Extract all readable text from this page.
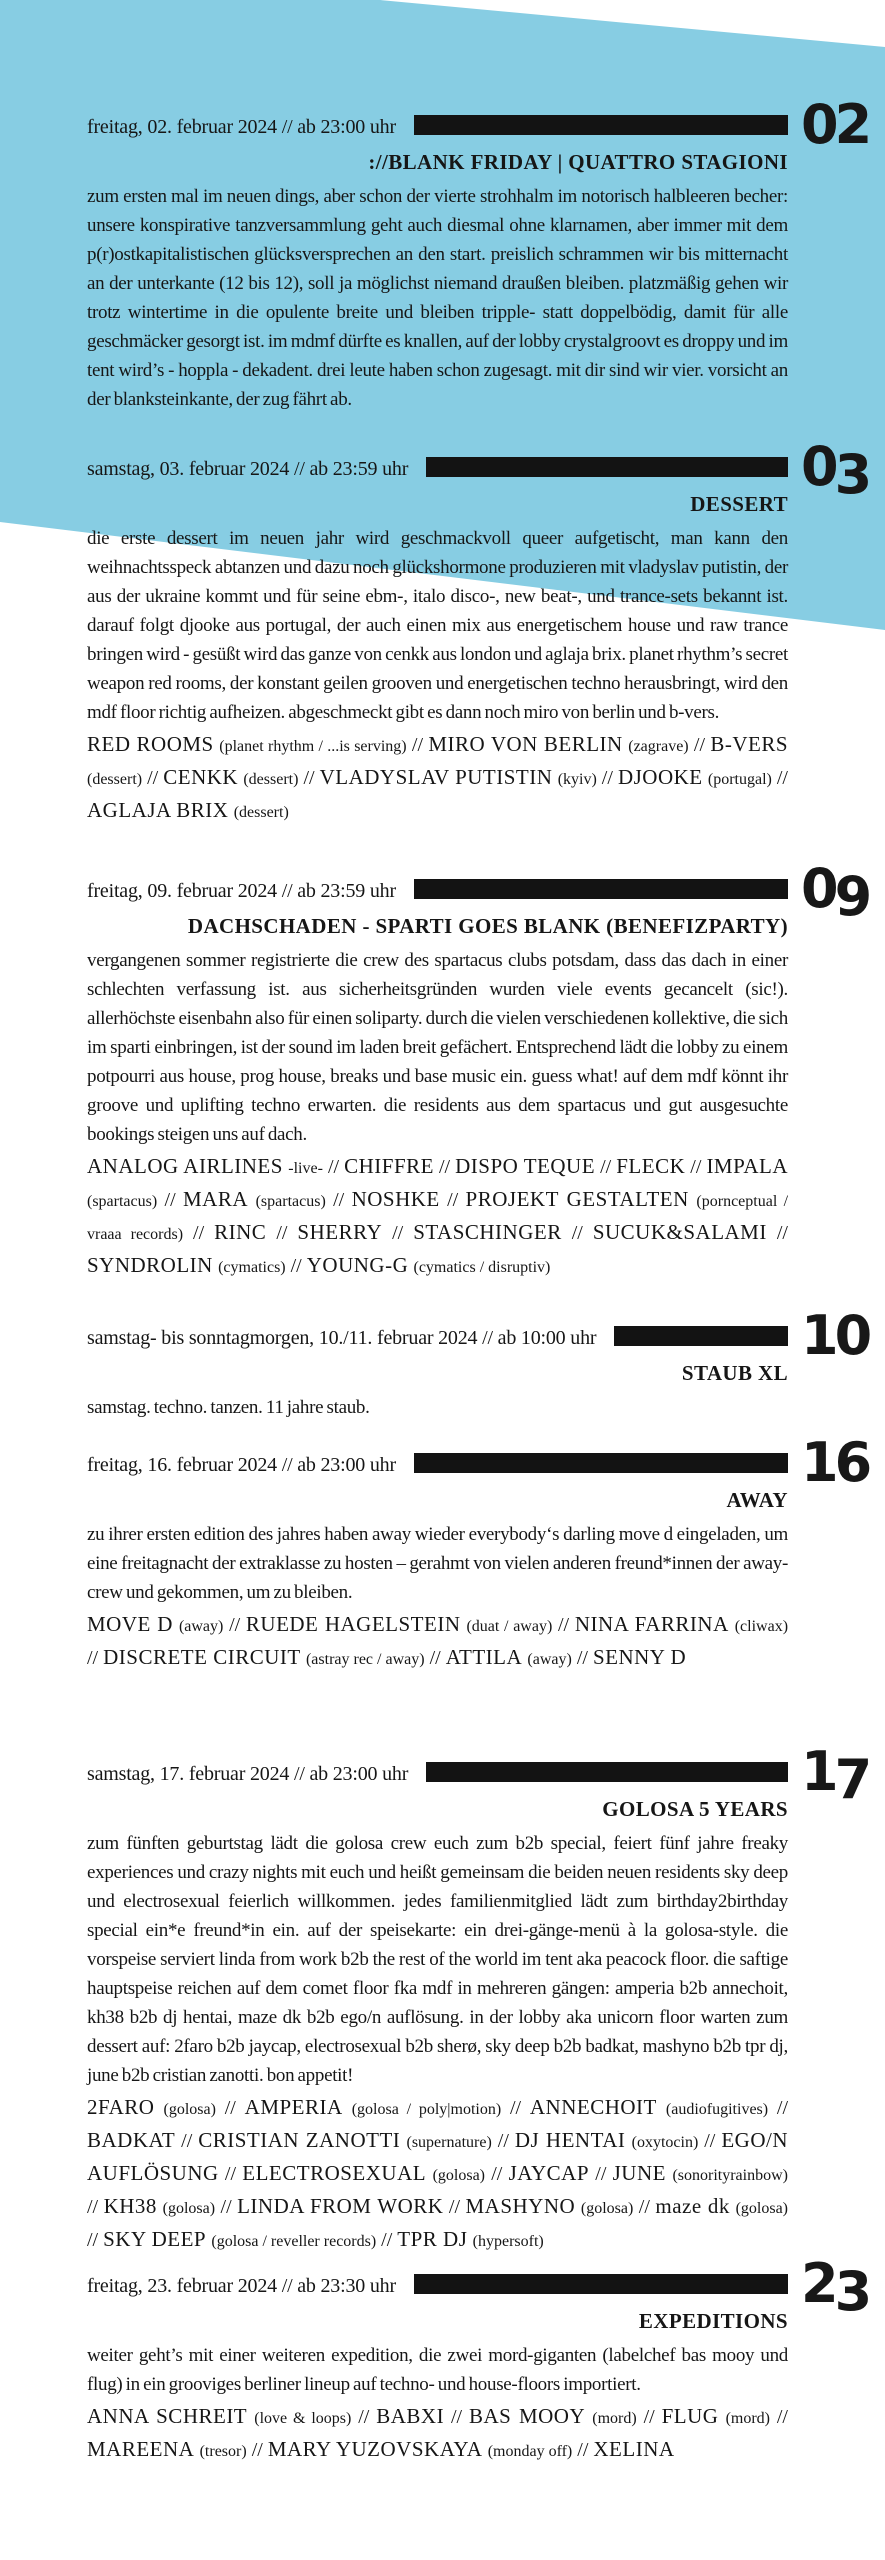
freitag, 02. februar 2024 // ab 23:00 uhr	02
://BLANK FRIDAY | QUATTRO STAGIONI

zum ersten mal im neuen dings, aber schon der vierte strohhalm im notorisch halbleeren becher: unsere konspirative tanzversammlung geht auch diesmal ohne klarnamen, aber immer mit dem p(r)ostkapitalistischen glücksversprechen an den start. preislich schrammen wir bis mitternacht an der unterkante (12 bis 12), soll ja möglichst niemand draußen bleiben. platzmäßig gehen wir trotz wintertime in die opulente breite und bleiben tripple- statt doppelbödig, damit für alle geschmäcker gesorgt ist. im mdmf dürfte es knallen, auf der lobby crystalgroovt es droppy und im tent wird’s - hoppla - dekadent. drei leute haben schon zugesagt. mit dir sind wir vier. vorsicht an der blanksteinkante, der zug fährt ab.

samstag, 03. februar 2024 // ab 23:59 uhr	03
DESSERT

die erste dessert im neuen jahr wird geschmackvoll queer aufgetischt, man kann den weihnachtsspeck abtanzen und dazu noch glückshormone produzieren mit vladyslav putistin, der aus der ukraine kommt und für seine ebm-, italo disco-, new beat-, und trance-sets bekannt ist. darauf folgt djooke aus portugal, der auch einen mix aus energetischem house und raw trance bringen wird - gesüßt wird das ganze von cenkk aus london und aglaja brix. planet rhythm’s secret weapon red rooms, der konstant geilen grooven und energetischen techno herausbringt, wird den mdf floor richtig aufheizen. abgeschmeckt gibt es dann noch miro von berlin und b-vers.

RED ROOMS (planet rhythm / ...is serving) // MIRO VON BERLIN (zagrave) // B-VERS (dessert) // CENKK (dessert) // VLADYSLAV PUTISTIN (kyiv) // DJOOKE (portugal) // AGLAJA BRIX (dessert)

freitag, 09. februar 2024 // ab 23:59 uhr	09
DACHSCHADEN - SPARTI GOES BLANK (BENEFIZPARTY)

vergangenen sommer registrierte die crew des spartacus clubs potsdam, dass das dach in einer schlechten verfassung ist. aus sicherheitsgründen wurden viele events gecancelt (sic!). allerhöchste eisenbahn also für einen soliparty. durch die vielen verschiedenen kollektive, die sich im sparti einbringen, ist der sound im laden breit gefächert. Entsprechend lädt die lobby zu einem potpourri aus house, prog house, breaks und base music ein. guess what! auf dem mdf könnt ihr groove und uplifting techno erwarten. die residents aus dem spartacus und gut ausgesuchte bookings steigen uns auf dach.

ANALOG AIRLINES -live- // CHIFFRE // DISPO TEQUE // FLECK // IMPALA (spartacus) // MARA (spartacus) // NOSHKE // PROJEKT GESTALTEN (pornceptual / vraaa records) // RINC // SHERRY // STASCHINGER // SUCUK&SALAMI // SYNDROLIN (cymatics) // YOUNG-G (cymatics / disruptiv)

samstag- bis sonntagmorgen, 10./11. februar 2024 // ab 10:00 uhr	10
STAUB XL

samstag. techno. tanzen. 11 jahre staub.

freitag, 16. februar 2024 // ab 23:00 uhr	16
AWAY

zu ihrer ersten edition des jahres haben away wieder everybody‘s darling move d eingeladen, um eine freitagnacht der extraklasse zu hosten – gerahmt von vielen anderen freund*innen der away-crew und gekommen, um zu bleiben.

MOVE D (away) // RUEDE HAGELSTEIN (duat / away) // NINA FARRINA (cliwax) // DISCRETE CIRCUIT (astray rec / away) // ATTILA (away) // SENNY D

samstag, 17. februar 2024 // ab 23:00 uhr	17
GOLOSA 5 YEARS

zum fünften geburtstag lädt die golosa crew euch zum b2b special, feiert fünf jahre freaky experiences und crazy nights mit euch und heißt gemeinsam die beiden neuen residents sky deep und electrosexual feierlich willkommen. jedes familienmitglied lädt zum birthday2birthday special ein*e freund*in ein. auf der speisekarte: ein drei-gänge-menü à la golosa-style. die vorspeise serviert linda from work b2b the rest of the world im tent aka peacock floor. die saftige hauptspeise reichen auf dem comet floor fka mdf in mehreren gängen: amperia b2b annechoit, kh38 b2b dj hentai, maze dk b2b ego/n auflösung. in der lobby aka unicorn floor warten zum dessert auf: 2faro b2b jaycap, electrosexual b2b sherø, sky deep b2b badkat, mashyno b2b tpr dj, june b2b cristian zanotti. bon appetit!

2FARO (golosa) // AMPERIA (golosa / poly|motion) // ANNECHOIT (audiofugitives) // BADKAT // CRISTIAN ZANOTTI (supernature) // DJ HENTAI (oxytocin) // EGO/N AUFLÖSUNG // ELECTROSEXUAL (golosa) // JAYCAP // JUNE (sonorityrainbow) // KH38 (golosa) // LINDA FROM WORK // MASHYNO (golosa) // maze dk (golosa) // SKY DEEP (golosa / reveller records) // TPR DJ (hypersoft)

freitag, 23. februar 2024 // ab 23:30 uhr	23
EXPEDITIONS

weiter geht’s mit einer weiteren expedition, die zwei mord-giganten (labelchef bas mooy und flug) in ein grooviges berliner lineup auf techno- und house-floors importiert.

ANNA SCHREIT (love & loops) // BABXI // BAS MOOY (mord) // FLUG (mord) // MAREENA (tresor) // MARY YUZOVSKAYA (monday off) // XELINA
